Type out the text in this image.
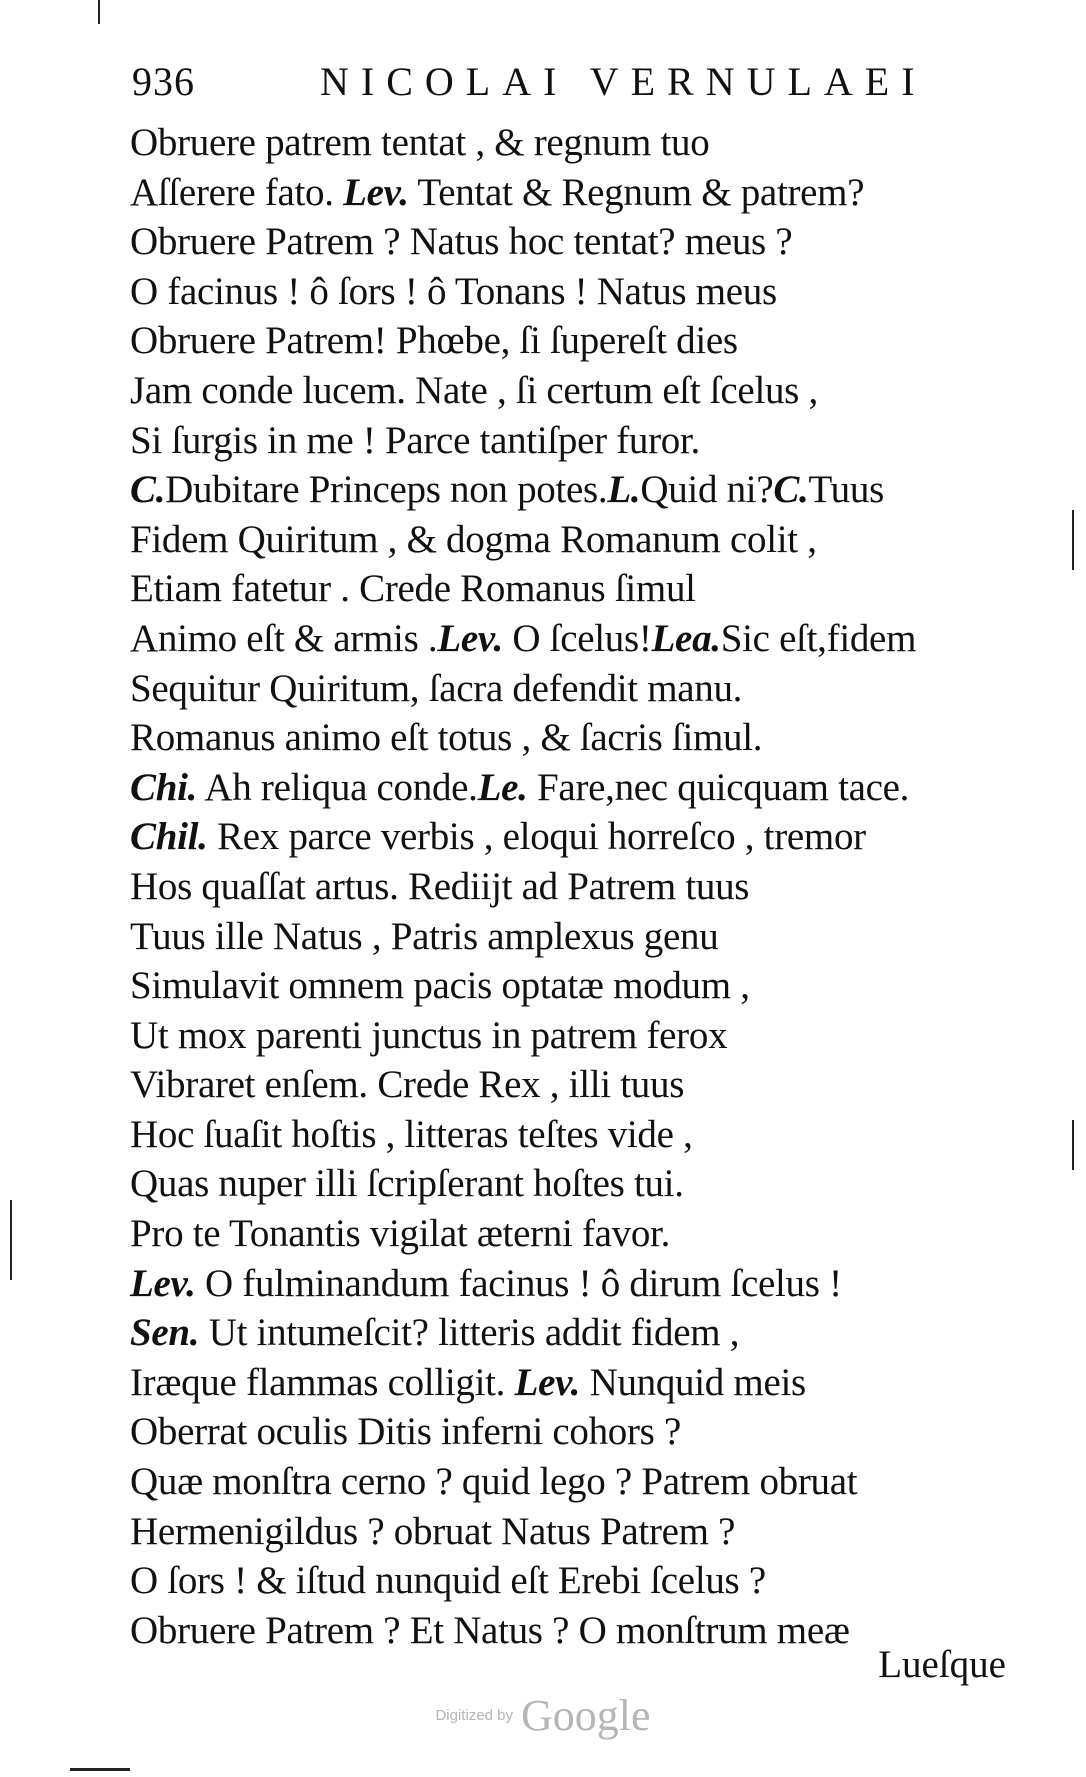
936	NICOLAI VERNULAEI
Obruere patrem tentat , & regnum tuo
Aſſerere fato. Lev. Tentat & Regnum & patrem?
Obruere Patrem ? Natus hoc tentat? meus ?
O facinus ! ô ſors ! ô Tonans ! Natus meus
Obruere Patrem! Phœbe, ſi ſupereſt dies
Jam conde lucem. Nate , ſi certum eſt ſcelus ,
Si ſurgis in me ! Parce tantiſper furor.
C.Dubitare Princeps non potes.L.Quid ni?C.Tuus
Fidem Quiritum , & dogma Romanum colit ,
Etiam fatetur . Crede Romanus ſimul
Animo eſt & armis .Lev. O ſcelus!Lea.Sic eſt,fidem
Sequitur Quiritum, ſacra defendit manu.
Romanus animo eſt totus , & ſacris ſimul.
Chi. Ah reliqua conde.Le. Fare,nec quicquam tace.
Chil. Rex parce verbis , eloqui horreſco , tremor
Hos quaſſat artus. Rediijt ad Patrem tuus
Tuus ille Natus , Patris amplexus genu
Simulavit omnem pacis optatæ modum ,
Ut mox parenti junctus in patrem ferox
Vibraret enſem. Crede Rex , illi tuus
Hoc ſuaſit hoſtis , litteras teſtes vide ,
Quas nuper illi ſcripſerant hoſtes tui.
Pro te Tonantis vigilat æterni favor.
Lev. O fulminandum facinus ! ô dirum ſcelus !
Sen. Ut intumeſcit? litteris addit fidem ,
Iræque flammas colligit. Lev. Nunquid meis
Oberrat oculis Ditis inferni cohors ?
Quæ monſtra cerno ? quid lego ? Patrem obruat
Hermenigildus ? obruat Natus Patrem ?
O ſors ! & iſtud nunquid eſt Erebi ſcelus ?
Obruere Patrem ? Et Natus ? O monſtrum meæ
Lueſque
Digitized by Google
